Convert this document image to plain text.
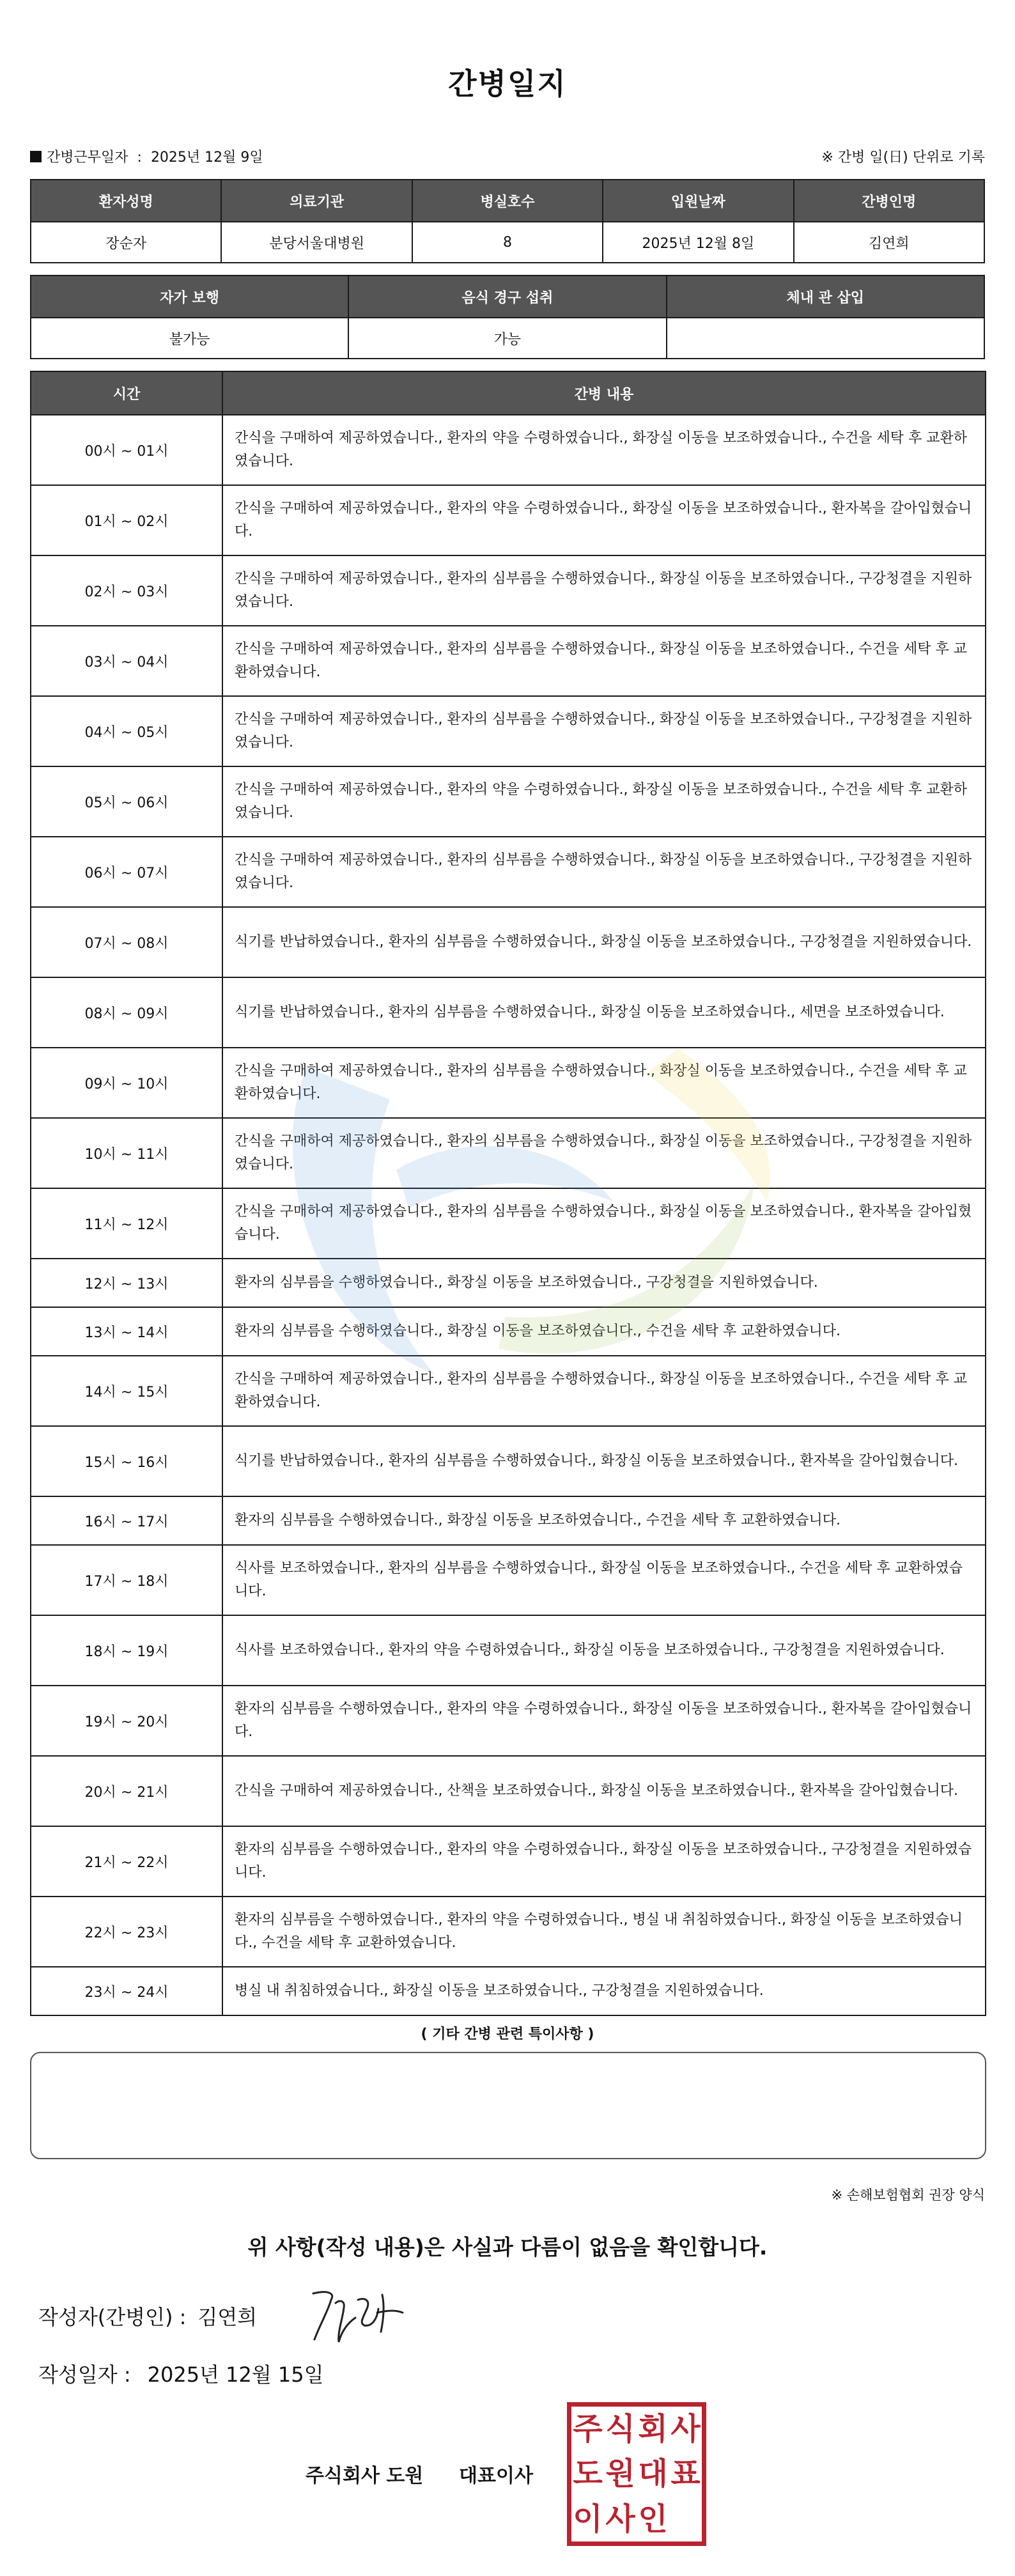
간병일지
간병근무일자 : 2025년 12월 9일	※ 간병 일(日) 단위로 기록
환자성명	의료기관	병실호수	입원날짜	간병인명
장순자	분당서울대병원	8	2025년 12월 8일	김연희
자가 보행	음식 경구 섭취	체내 관 삽입
불가능	가능	
시간	간병 내용
00시 ~ 01시	간식을 구매하여 제공하였습니다., 환자의 약을 수령하였습니다., 화장실 이동을 보조하였습니다., 수건을 세탁 후 교환하였습니다.
01시 ~ 02시	간식을 구매하여 제공하였습니다., 환자의 약을 수령하였습니다., 화장실 이동을 보조하였습니다., 환자복을 갈아입혔습니다.
02시 ~ 03시	간식을 구매하여 제공하였습니다., 환자의 심부름을 수행하였습니다., 화장실 이동을 보조하였습니다., 구강청결을 지원하였습니다.
03시 ~ 04시	간식을 구매하여 제공하였습니다., 환자의 심부름을 수행하였습니다., 화장실 이동을 보조하였습니다., 수건을 세탁 후 교환하였습니다.
04시 ~ 05시	간식을 구매하여 제공하였습니다., 환자의 심부름을 수행하였습니다., 화장실 이동을 보조하였습니다., 구강청결을 지원하였습니다.
05시 ~ 06시	간식을 구매하여 제공하였습니다., 환자의 약을 수령하였습니다., 화장실 이동을 보조하였습니다., 수건을 세탁 후 교환하였습니다.
06시 ~ 07시	간식을 구매하여 제공하였습니다., 환자의 심부름을 수행하였습니다., 화장실 이동을 보조하였습니다., 구강청결을 지원하였습니다.
07시 ~ 08시	식기를 반납하였습니다., 환자의 심부름을 수행하였습니다., 화장실 이동을 보조하였습니다., 구강청결을 지원하였습니다.
08시 ~ 09시	식기를 반납하였습니다., 환자의 심부름을 수행하였습니다., 화장실 이동을 보조하였습니다., 세면을 보조하였습니다.
09시 ~ 10시	간식을 구매하여 제공하였습니다., 환자의 심부름을 수행하였습니다., 화장실 이동을 보조하였습니다., 수건을 세탁 후 교환하였습니다.
10시 ~ 11시	간식을 구매하여 제공하였습니다., 환자의 심부름을 수행하였습니다., 화장실 이동을 보조하였습니다., 구강청결을 지원하였습니다.
11시 ~ 12시	간식을 구매하여 제공하였습니다., 환자의 심부름을 수행하였습니다., 화장실 이동을 보조하였습니다., 환자복을 갈아입혔습니다.
12시 ~ 13시	환자의 심부름을 수행하였습니다., 화장실 이동을 보조하였습니다., 구강청결을 지원하였습니다.
13시 ~ 14시	환자의 심부름을 수행하였습니다., 화장실 이동을 보조하였습니다., 수건을 세탁 후 교환하였습니다.
14시 ~ 15시	간식을 구매하여 제공하였습니다., 환자의 심부름을 수행하였습니다., 화장실 이동을 보조하였습니다., 수건을 세탁 후 교환하였습니다.
15시 ~ 16시	식기를 반납하였습니다., 환자의 심부름을 수행하였습니다., 화장실 이동을 보조하였습니다., 환자복을 갈아입혔습니다.
16시 ~ 17시	환자의 심부름을 수행하였습니다., 화장실 이동을 보조하였습니다., 수건을 세탁 후 교환하였습니다.
17시 ~ 18시	식사를 보조하였습니다., 환자의 심부름을 수행하였습니다., 화장실 이동을 보조하였습니다., 수건을 세탁 후 교환하였습니다.
18시 ~ 19시	식사를 보조하였습니다., 환자의 약을 수령하였습니다., 화장실 이동을 보조하였습니다., 구강청결을 지원하였습니다.
19시 ~ 20시	환자의 심부름을 수행하였습니다., 환자의 약을 수령하였습니다., 화장실 이동을 보조하였습니다., 환자복을 갈아입혔습니다.
20시 ~ 21시	간식을 구매하여 제공하였습니다., 산책을 보조하였습니다., 화장실 이동을 보조하였습니다., 환자복을 갈아입혔습니다.
21시 ~ 22시	환자의 심부름을 수행하였습니다., 환자의 약을 수령하였습니다., 화장실 이동을 보조하였습니다., 구강청결을 지원하였습니다.
22시 ~ 23시	환자의 심부름을 수행하였습니다., 환자의 약을 수령하였습니다., 병실 내 취침하였습니다., 화장실 이동을 보조하였습니다., 수건을 세탁 후 교환하였습니다.
23시 ~ 24시	병실 내 취침하였습니다., 화장실 이동을 보조하였습니다., 구강청결을 지원하였습니다.
( 기타 간병 관련 특이사항 )
※ 손해보험협회 권장 양식
위 사항(작성 내용)은 사실과 다름이 없음을 확인합니다.
작성자(간병인) : 김연희
작성일자 : 2025년 12월 15일
주식회사 도원 대표이사
주 식 회 사
도 원 대 표
이 사 인
